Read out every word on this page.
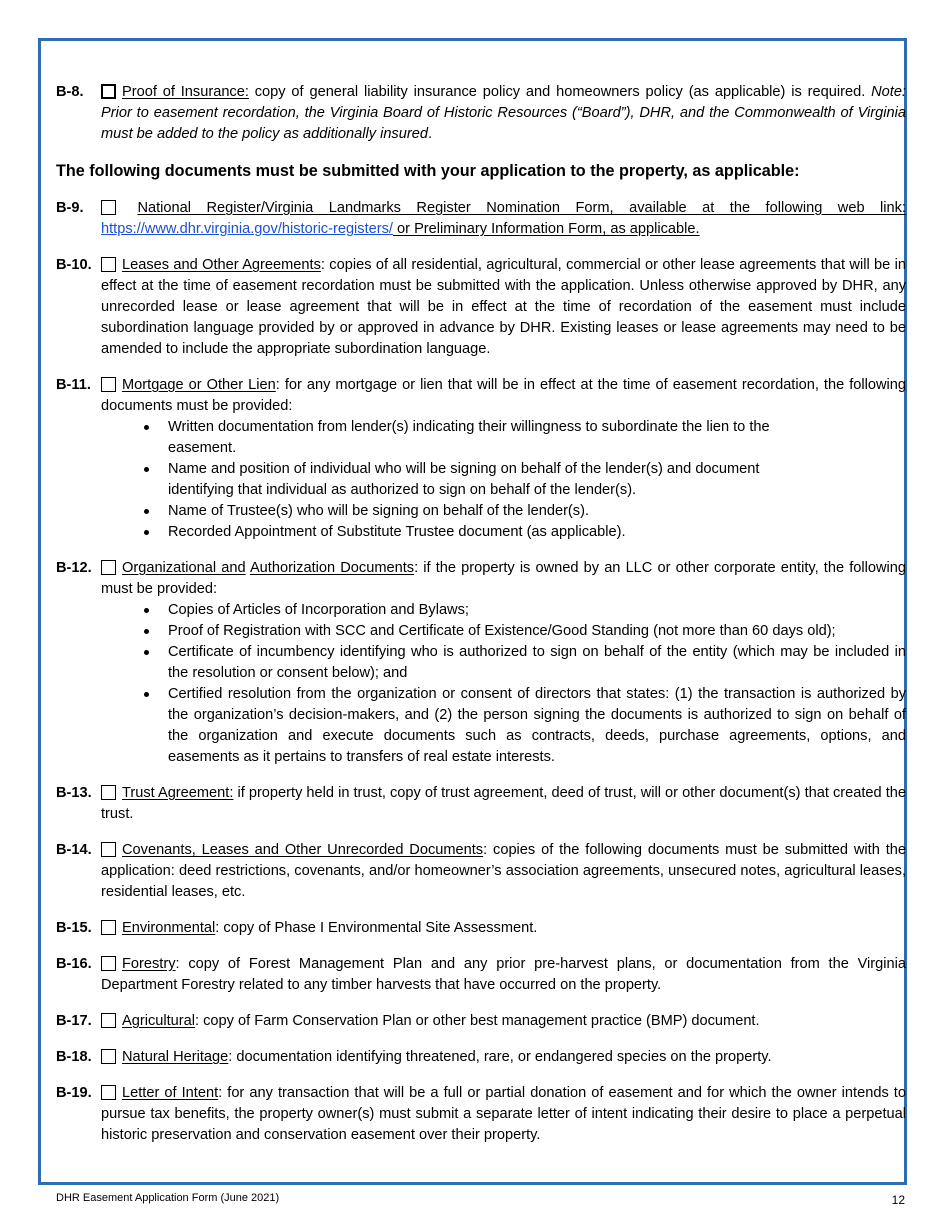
B-8.	Proof of Insurance: copy of general liability insurance policy and homeowners policy (as applicable) is required. Note: Prior to easement recordation, the Virginia Board of Historic Resources (“Board”), DHR, and the Commonwealth of Virginia must be added to the policy as additionally insured.

The following documents must be submitted with your application to the property, as applicable:

B-9.	National Register/Virginia Landmarks Register Nomination Form, available at the following web link: https://www.dhr.virginia.gov/historic-registers/ or Preliminary Information Form, as applicable.
B-10. Leases and Other Agreements: copies of all residential, agricultural, commercial or other lease agreements that will be in effect at the time of easement recordation must be submitted with the application. Unless otherwise approved by DHR, any unrecorded lease or lease agreement that will be in effect at the time of recordation of the easement must include subordination language provided by or approved in advance by DHR. Existing leases or lease agreements may need to be amended to include the appropriate subordination language.
B-11. Mortgage or Other Lien: for any mortgage or lien that will be in effect at the time of easement recordation, the following documents must be provided:
Written documentation from lender(s) indicating their willingness to subordinate the lien to the easement.
Name and position of individual who will be signing on behalf of the lender(s) and document identifying that individual as authorized to sign on behalf of the lender(s).
Name of Trustee(s) who will be signing on behalf of the lender(s).
Recorded Appointment of Substitute Trustee document (as applicable).
B-12. Organizational and Authorization Documents: if the property is owned by an LLC or other corporate entity, the following must be provided:
Copies of Articles of Incorporation and Bylaws;
Proof of Registration with SCC and Certificate of Existence/Good Standing (not more than 60 days old);
Certificate of incumbency identifying who is authorized to sign on behalf of the entity (which may be included in the resolution or consent below); and
Certified resolution from the organization or consent of directors that states: (1) the transaction is authorized by the organization’s decision-makers, and (2) the person signing the documents is authorized to sign on behalf of the organization and execute documents such as contracts, deeds, purchase agreements, options, and easements as it pertains to transfers of real estate interests.
B-13. Trust Agreement: if property held in trust, copy of trust agreement, deed of trust, will or other document(s) that created the trust.
B-14. Covenants, Leases and Other Unrecorded Documents: copies of the following documents must be submitted with the application: deed restrictions, covenants, and/or homeowner’s association agreements, unsecured notes, agricultural leases, residential leases, etc.
B-15. Environmental: copy of Phase I Environmental Site Assessment.
B-16. Forestry: copy of Forest Management Plan and any prior pre-harvest plans, or documentation from the Virginia Department Forestry related to any timber harvests that have occurred on the property.
B-17. Agricultural: copy of Farm Conservation Plan or other best management practice (BMP) document.
B-18. Natural Heritage: documentation identifying threatened, rare, or endangered species on the property.
B-19. Letter of Intent: for any transaction that will be a full or partial donation of easement and for which the owner intends to pursue tax benefits, the property owner(s) must submit a separate letter of intent indicating their desire to place a perpetual historic preservation and conservation easement over their property.
DHR Easement Application Form (June 2021)	12
